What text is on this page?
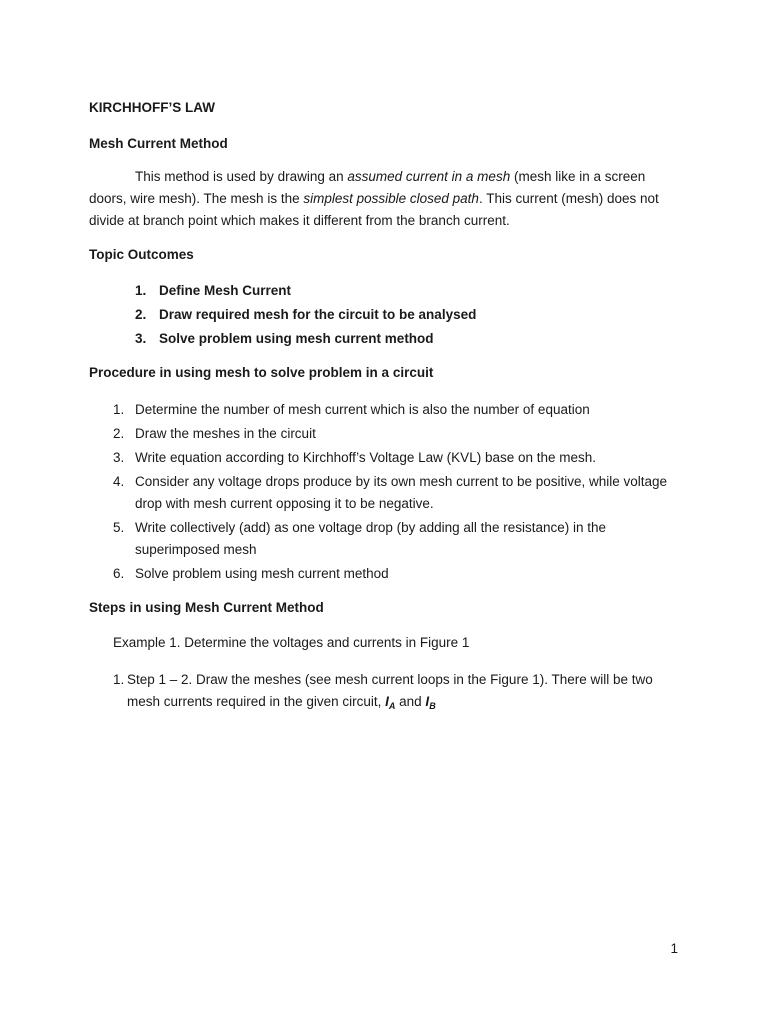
KIRCHHOFF’S LAW
Mesh Current Method
This method is used by drawing an assumed current in a mesh (mesh like in a screen
doors, wire mesh). The mesh is the simplest possible closed path. This current (mesh) does not
divide at branch point which makes it different from the branch current.
Topic Outcomes
1. Define Mesh Current
2. Draw required mesh for the circuit to be analysed
3. Solve problem using mesh current method
Procedure in using mesh to solve problem in a circuit
1. Determine the number of mesh current which is also the number of equation
2. Draw the meshes in the circuit
3. Write equation according to Kirchhoff’s Voltage Law (KVL) base on the mesh.
4. Consider any voltage drops produce by its own mesh current to be positive, while voltage drop with mesh current opposing it to be negative.
5. Write collectively (add) as one voltage drop (by adding all the resistance) in the superimposed mesh
6. Solve problem using mesh current method
Steps in using Mesh Current Method
Example 1. Determine the voltages and currents in Figure 1
1. Step 1 – 2. Draw the meshes (see mesh current loops in the Figure 1). There will be two mesh currents required in the given circuit, $I_A$ and $I_B$
1
